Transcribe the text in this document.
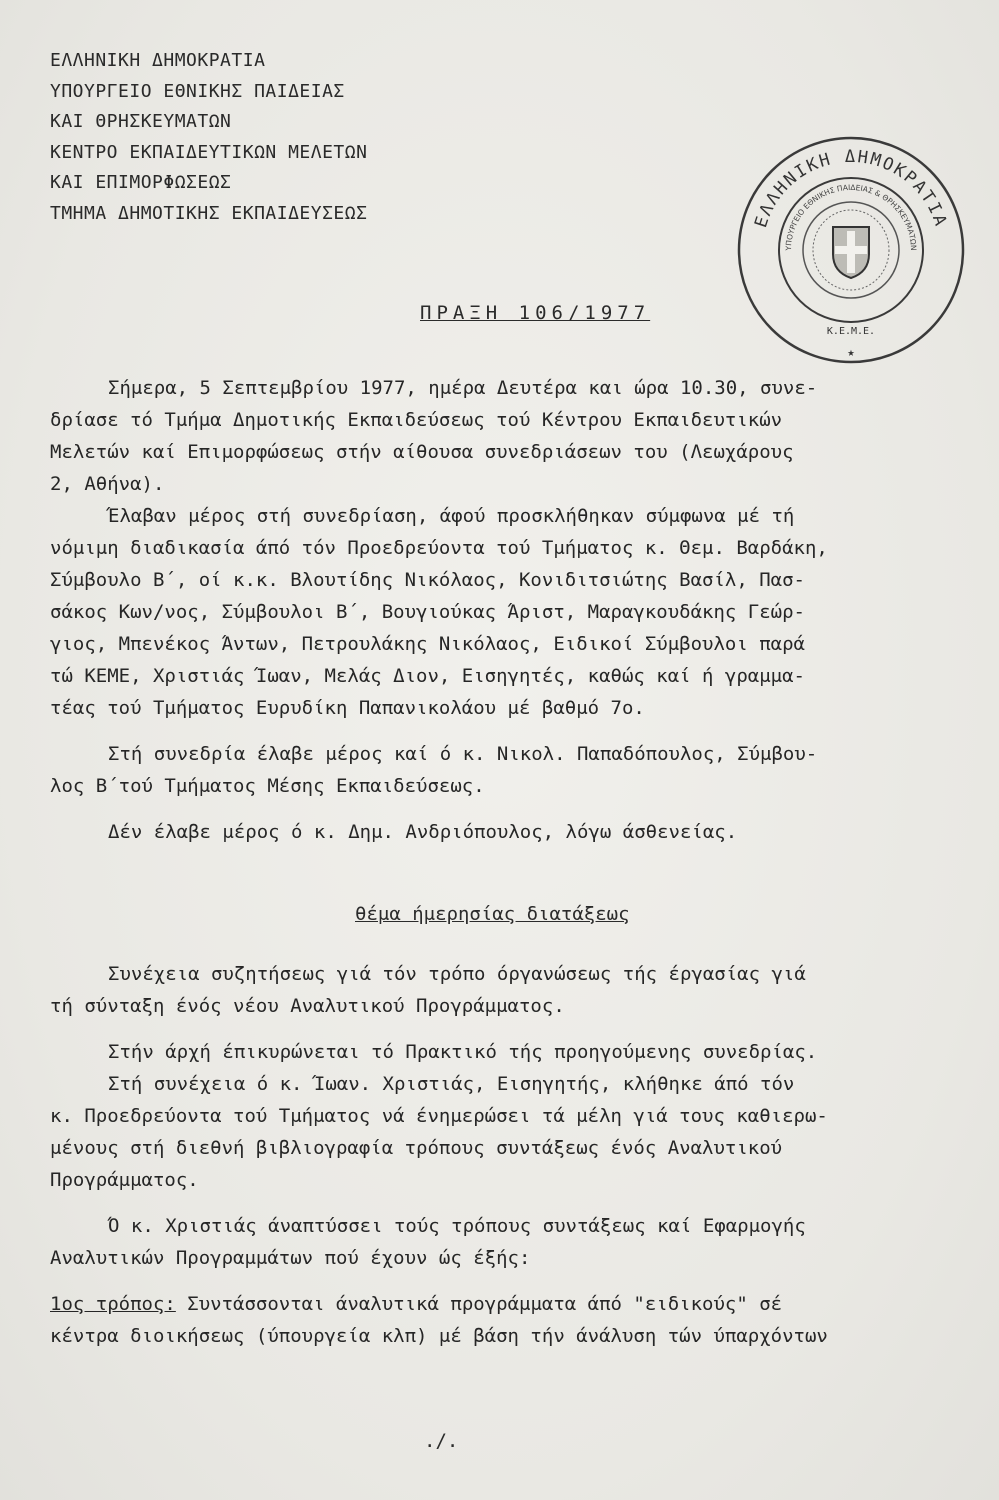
ΕΛΛΗΝΙΚΗ ΔΗΜΟΚΡΑΤΙΑ
ΥΠΟΥΡΓΕΙΟ ΕΘΝΙΚΗΣ ΠΑΙΔΕΙΑΣ
ΚΑΙ ΘΡΗΣΚΕΥΜΑΤΩΝ
ΚΕΝΤΡΟ ΕΚΠΑΙΔΕΥΤΙΚΩΝ ΜΕΛΕΤΩΝ
ΚΑΙ ΕΠΙΜΟΡΦΩΣΕΩΣ
ΤΜΗΜΑ ΔΗΜΟΤΙΚΗΣ ΕΚΠΑΙΔΕΥΣΕΩΣ	ΕΛΛΗΝΙΚΗ ΔΗΜΟΚΡΑΤΙΑ
ΥΠΟΥΡΓΕΙΟ ΕΘΝΙΚΗΣ ΠΑΙΔΕΙΑΣ & ΘΡΗΣΚΕΥΜΑΤΩΝ
Κ.Ε.Μ.Ε.
★
ΠΡΑΞΗ 106/1977

Σήμερα, 5 Σεπτεμβρίου 1977, ημέρα Δευτέρα και ώρα 10.30, συνε-
δρίασε τό Τμήμα Δημοτικής Εκπαιδεύσεως τού Κέντρου Εκπαιδευτικών
Μελετών καί Επιμορφώσεως στήν αίθουσα συνεδριάσεων του (Λεωχάρους
2, Αθήνα).

Έλαβαν μέρος στή συνεδρίαση, άφού προσκλήθηκαν σύμφωνα μέ τή
νόμιμη διαδικασία άπό τόν Προεδρεύοντα τού Τμήματος κ. Θεμ. Βαρδάκη,
Σύμβουλο Β΄, οί κ.κ. Βλουτίδης Νικόλαος, Κονιδιτσιώτης Βασίλ, Πασ-
σάκος Κων/νος, Σύμβουλοι Β΄, Βουγιούκας Άριστ, Μαραγκουδάκης Γεώρ-
γιος, Μπενέκος Άντων, Πετρουλάκης Νικόλαος, Ειδικοί Σύμβουλοι παρά
τώ ΚΕΜΕ, Χριστιάς Ίωαν, Μελάς Διον, Εισηγητές, καθώς καί ή γραμμα-
τέας τού Τμήματος Ευρυδίκη Παπανικολάου μέ βαθμό 7ο.

Στή συνεδρία έλαβε μέρος καί ό κ. Νικολ. Παπαδόπουλος, Σύμβου-
λος Β΄τού Τμήματος Μέσης Εκπαιδεύσεως.

Δέν έλαβε μέρος ό κ. Δημ. Ανδριόπουλος, λόγω άσθενείας.

θέμα ήμερησίας διατάξεως

Συνέχεια συζητήσεως γιά τόν τρόπο όργανώσεως τής έργασίας γιά
τή σύνταξη ένός νέου Αναλυτικού Προγράμματος.

Στήν άρχή έπικυρώνεται τό Πρακτικό τής προηγούμενης συνεδρίας.

Στή συνέχεια ό κ. Ίωαν. Χριστιάς, Εισηγητής, κλήθηκε άπό τόν
κ. Προεδρεύοντα τού Τμήματος νά ένημερώσει τά μέλη γιά τους καθιερω-
μένους στή διεθνή βιβλιογραφία τρόπους συντάξεως ένός Αναλυτικού
Προγράμματος.

Ό κ. Χριστιάς άναπτύσσει τούς τρόπους συντάξεως καί Εφαρμογής
Αναλυτικών Προγραμμάτων πού έχουν ώς έξής:

1ος τρόπος: Συντάσσονται άναλυτικά προγράμματα άπό "ειδικούς" σέ
κέντρα διοικήσεως (ύπουργεία κλπ) μέ βάση τήν άνάλυση τών ύπαρχόντων

./.
